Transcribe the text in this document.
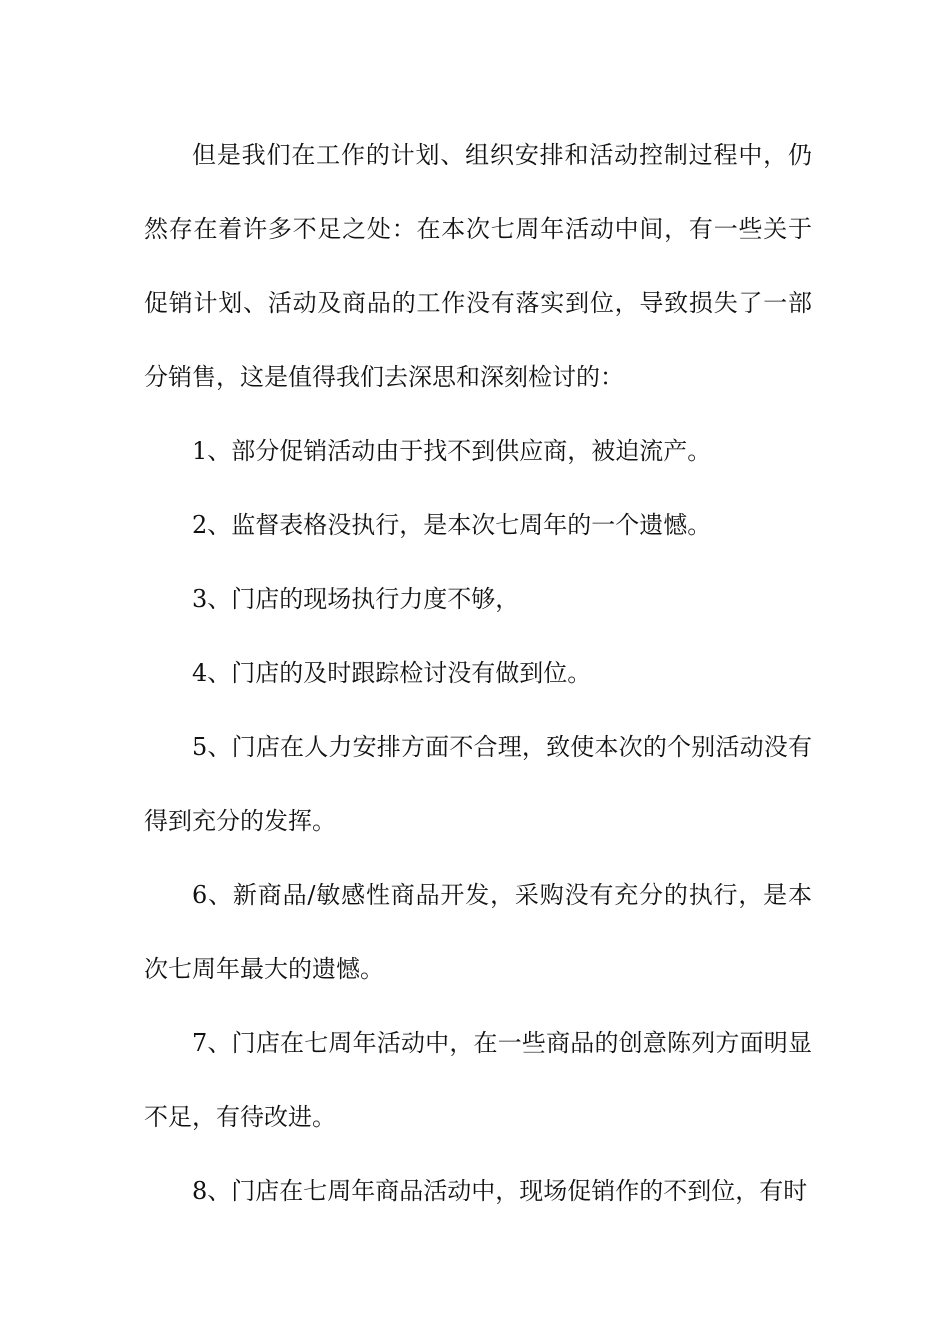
但是我们在工作的计划、组织安排和活动控制过程中，仍然存在着许多不足之处：在本次七周年活动中间，有一些关于促销计划、活动及商品的工作没有落实到位，导致损失了一部分销售，这是值得我们去深思和深刻检讨的：

1、部分促销活动由于找不到供应商，被迫流产。

2、监督表格没执行，是本次七周年的一个遗憾。

3、门店的现场执行力度不够，

4、门店的及时跟踪检讨没有做到位。

5、门店在人力安排方面不合理，致使本次的个别活动没有得到充分的发挥。

6、新商品/敏感性商品开发，采购没有充分的执行，是本次七周年最大的遗憾。

7、门店在七周年活动中，在一些商品的创意陈列方面明显不足，有待改进。

8、门店在七周年商品活动中，现场促销作的不到位，有时
